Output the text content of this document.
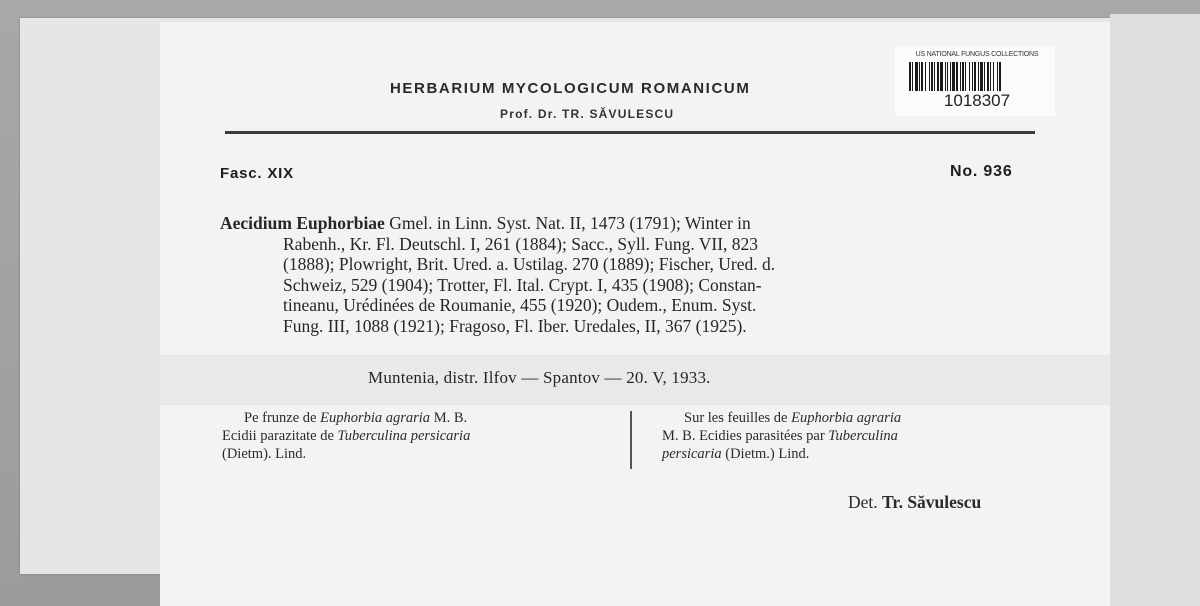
HERBARIUM MYCOLOGICUM ROMANICUM
Prof. Dr. TR. SĂVULESCU
US NATIONAL FUNGUS COLLECTIONS
1018307
Fasc. XIX	No. 936
Aecidium Euphorbiae Gmel. in Linn. Syst. Nat. II, 1473 (1791); Winter in
Rabenh., Kr. Fl. Deutschl. I, 261 (1884); Sacc., Syll. Fung. VII, 823
(1888); Plowright, Brit. Ured. a. Ustilag. 270 (1889); Fischer, Ured. d.
Schweiz, 529 (1904); Trotter, Fl. Ital. Crypt. I, 435 (1908); Constan-
tineanu, Urédinées de Roumanie, 455 (1920); Oudem., Enum. Syst.
Fung. III, 1088 (1921); Fragoso, Fl. Iber. Uredales, II, 367 (1925).
Muntenia, distr. Ilfov — Spantov — 20. V, 1933.
Pe frunze de Euphorbia agraria M. B.
Ecidii parazitate de Tuberculina persicaria
(Dietm). Lind.
Sur les feuilles de Euphorbia agraria
M. B. Ecidies parasitées par Tuberculina
persicaria (Dietm.) Lind.
Det. Tr. Săvulescu
